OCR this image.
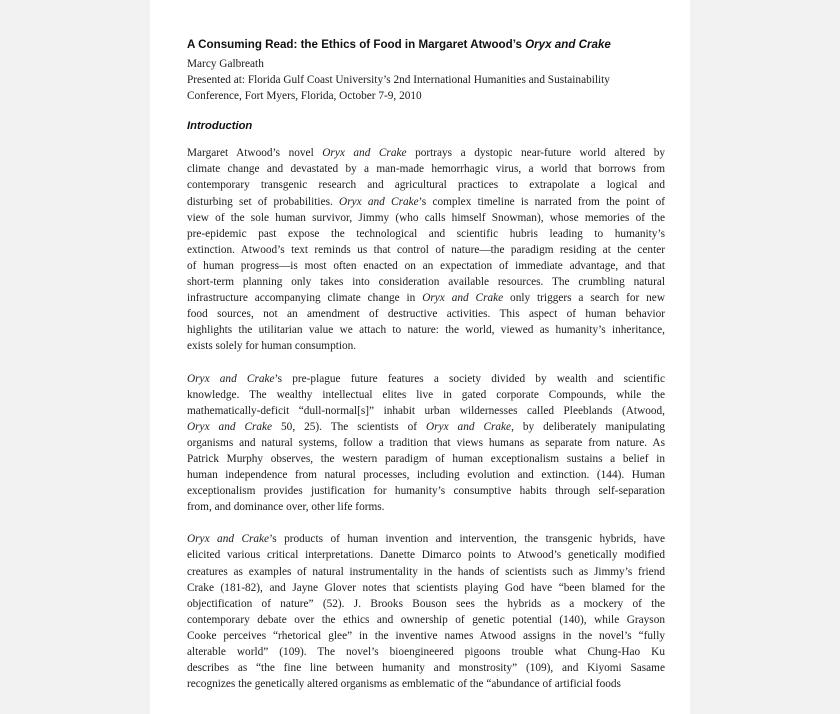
A Consuming Read: the Ethics of Food in Margaret Atwood’s Oryx and Crake

Marcy Galbreath

Presented at: Florida Gulf Coast University’s 2nd International Humanities and Sustainability

Conference, Fort Myers, Florida, October 7-9, 2010

Introduction
Margaret Atwood’s novel Oryx and Crake portrays a dystopic near-future world altered by
climate change and devastated by a man-made hemorrhagic virus, a world that borrows from
contemporary transgenic research and agricultural practices to extrapolate a logical and
disturbing set of probabilities. Oryx and Crake’s complex timeline is narrated from the point of
view of the sole human survivor, Jimmy (who calls himself Snowman), whose memories of the
pre-epidemic past expose the technological and scientific hubris leading to humanity’s
extinction. Atwood’s text reminds us that control of nature—the paradigm residing at the center
of human progress—is most often enacted on an expectation of immediate advantage, and that
short-term planning only takes into consideration available resources. The crumbling natural
infrastructure accompanying climate change in Oryx and Crake only triggers a search for new
food sources, not an amendment of destructive activities. This aspect of human behavior
highlights the utilitarian value we attach to nature: the world, viewed as humanity’s inheritance,
exists solely for human consumption.
Oryx and Crake’s pre-plague future features a society divided by wealth and scientific
knowledge. The wealthy intellectual elites live in gated corporate Compounds, while the
mathematically-deficit “dull-normal[s]” inhabit urban wildernesses called Pleeblands (Atwood,
Oryx and Crake 50, 25). The scientists of Oryx and Crake, by deliberately manipulating
organisms and natural systems, follow a tradition that views humans as separate from nature. As
Patrick Murphy observes, the western paradigm of human exceptionalism sustains a belief in
human independence from natural processes, including evolution and extinction. (144). Human
exceptionalism provides justification for humanity’s consumptive habits through self-separation
from, and dominance over, other life forms.
Oryx and Crake’s products of human invention and intervention, the transgenic hybrids, have
elicited various critical interpretations. Danette Dimarco points to Atwood’s genetically modified
creatures as examples of natural instrumentality in the hands of scientists such as Jimmy’s friend
Crake (181-82), and Jayne Glover notes that scientists playing God have “been blamed for the
objectification of nature” (52). J. Brooks Bouson sees the hybrids as a mockery of the
contemporary debate over the ethics and ownership of genetic potential (140), while Grayson
Cooke perceives “rhetorical glee” in the inventive names Atwood assigns in the novel’s “fully
alterable world” (109). The novel’s bioengineered pigoons trouble what Chung-Hao Ku
describes as “the fine line between humanity and monstrosity” (109), and Kiyomi Sasame
recognizes the genetically altered organisms as emblematic of the “abundance of artificial foods
